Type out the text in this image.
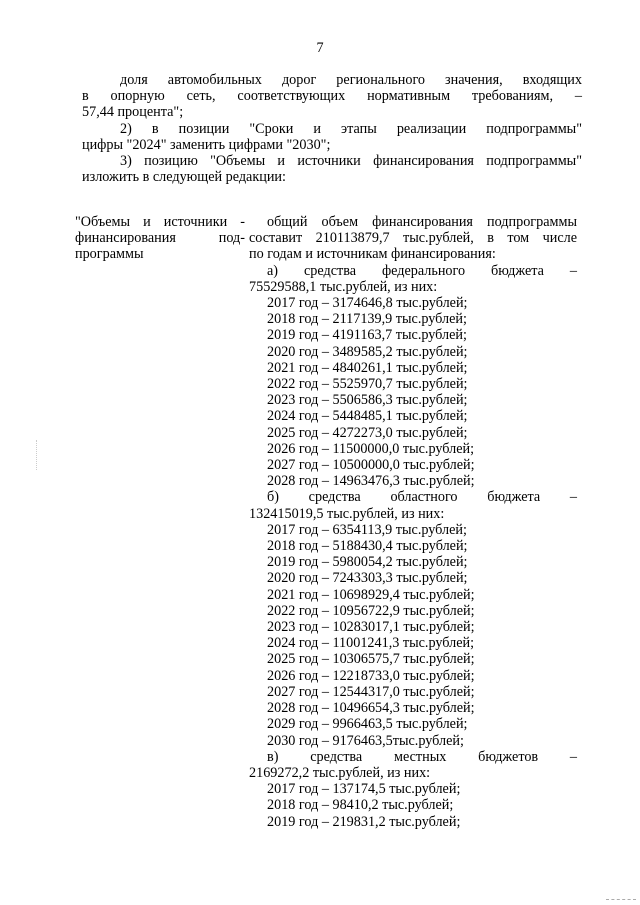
7
доля автомобильных дорог регионального значения, входящих
в опорную сеть, соответствующих нормативным требованиям, –
57,44 процента";
2) в позиции "Сроки и этапы реализации подпрограммы"
цифры "2024" заменить цифрами "2030";
3) позицию "Объемы и источники финансирования подпрограммы"
изложить в следующей редакции:
"Объемы и источники -
финансирования под-
программы
общий объем финансирования подпрограммы
составит 210113879,7 тыс.рублей, в том числе
по годам и источникам финансирования:
а) средства федерального бюджета –
75529588,1 тыс.рублей, из них:
2017 год – 3174646,8 тыс.рублей;
2018 год – 2117139,9 тыс.рублей;
2019 год – 4191163,7 тыс.рублей;
2020 год – 3489585,2 тыс.рублей;
2021 год – 4840261,1 тыс.рублей;
2022 год – 5525970,7 тыс.рублей;
2023 год – 5506586,3 тыс.рублей;
2024 год – 5448485,1 тыс.рублей;
2025 год – 4272273,0 тыс.рублей;
2026 год – 11500000,0 тыс.рублей;
2027 год – 10500000,0 тыс.рублей;
2028 год – 14963476,3 тыс.рублей;
б) средства областного бюджета –
132415019,5 тыс.рублей, из них:
2017 год – 6354113,9 тыс.рублей;
2018 год – 5188430,4 тыс.рублей;
2019 год – 5980054,2 тыс.рублей;
2020 год – 7243303,3 тыс.рублей;
2021 год – 10698929,4 тыс.рублей;
2022 год – 10956722,9 тыс.рублей;
2023 год – 10283017,1 тыс.рублей;
2024 год – 11001241,3 тыс.рублей;
2025 год – 10306575,7 тыс.рублей;
2026 год – 12218733,0 тыс.рублей;
2027 год – 12544317,0 тыс.рублей;
2028 год – 10496654,3 тыс.рублей;
2029 год – 9966463,5 тыс.рублей;
2030 год – 9176463,5тыс.рублей;
в) средства местных бюджетов –
2169272,2 тыс.рублей, из них:
2017 год – 137174,5 тыс.рублей;
2018 год – 98410,2 тыс.рублей;
2019 год – 219831,2 тыс.рублей;
